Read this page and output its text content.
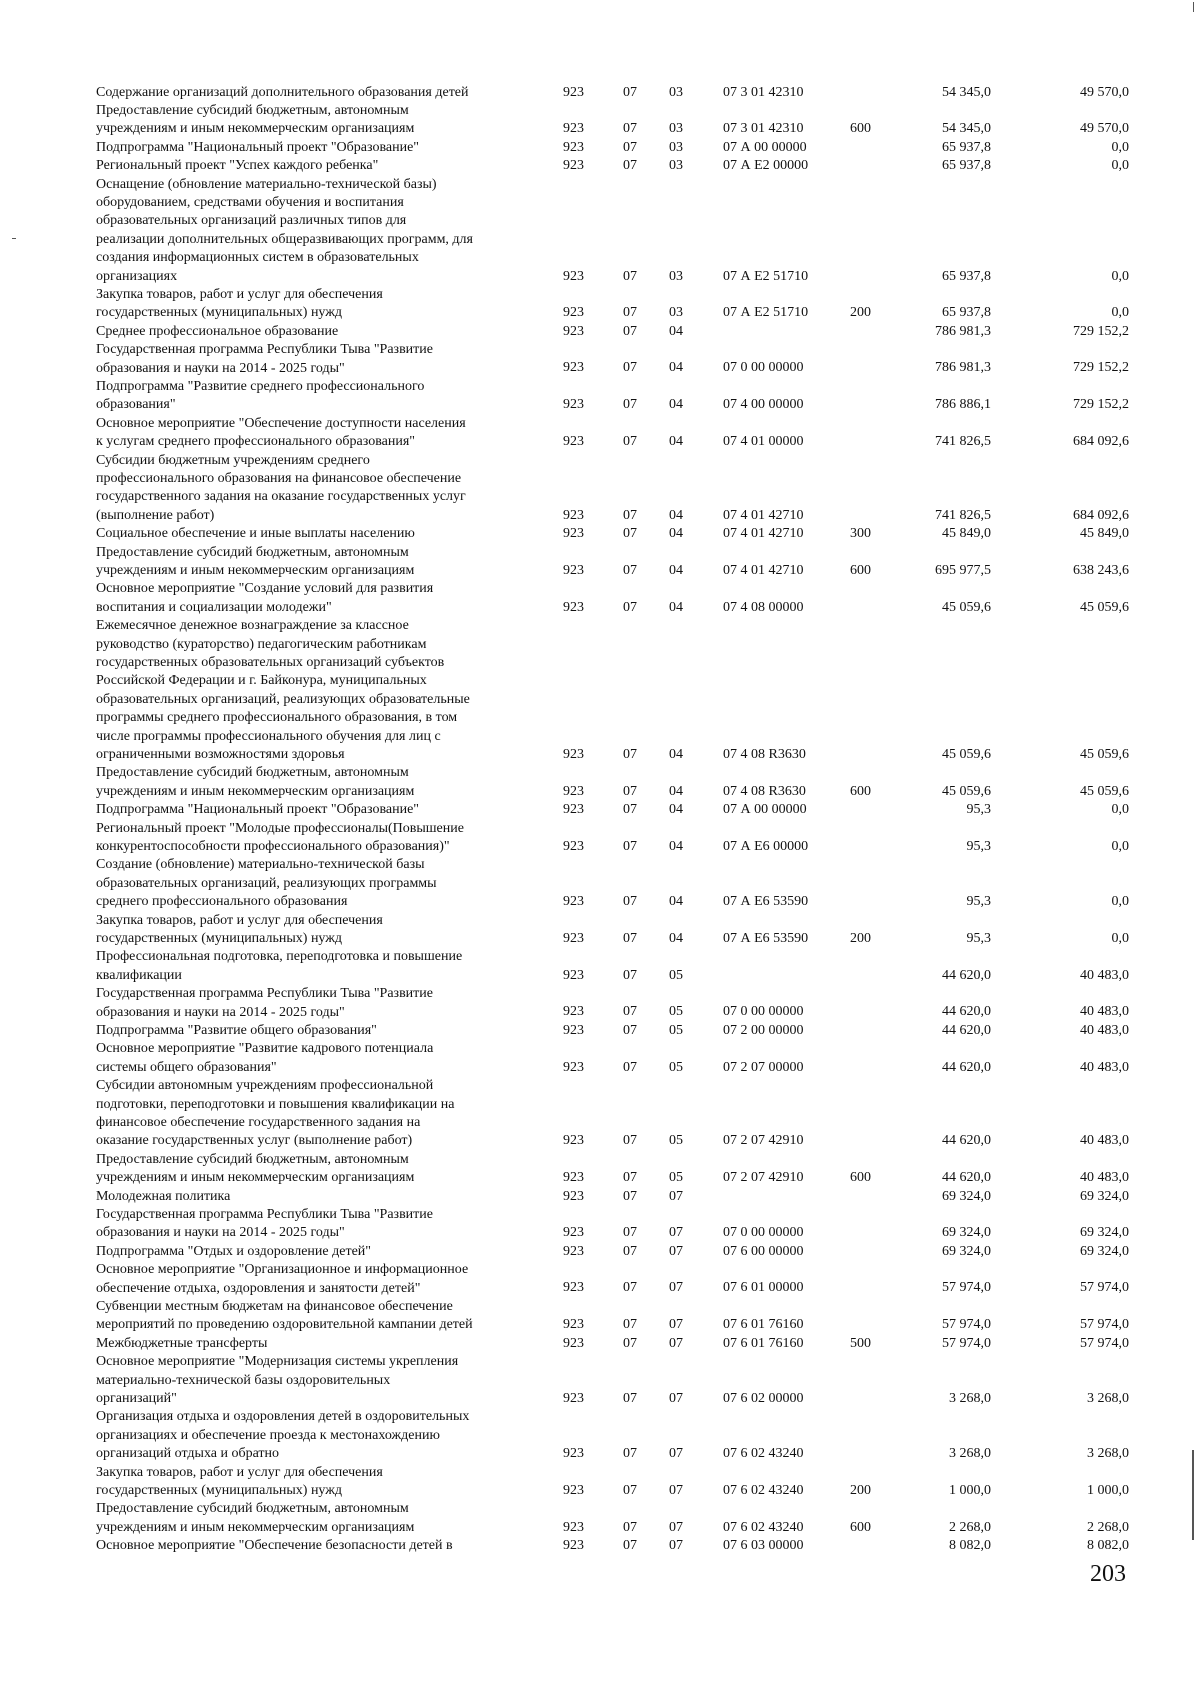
Содержание организаций дополнительного образования детей	923	07 03	07 3 01 42310	54 345,0	49 570,0
Предоставление субсидий бюджетным, автономным
учреждениям и иным некоммерческим организациям	923	07 03	07 3 01 42310	600	54 345,0	49 570,0
Подпрограмма "Национальный проект "Образование"	923	07 03	07 А 00 00000	65 937,8	0,0
Региональный проект "Успех каждого ребенка"	923	07 03	07 А Е2 00000	65 937,8	0,0
Оснащение (обновление материально-технической базы)
оборудованием, средствами обучения и воспитания
образовательных организаций различных типов для
реализации дополнительных общеразвивающих программ, для
создания информационных систем в образовательных
организациях	923	07 03	07 А Е2 51710	65 937,8	0,0
Закупка товаров, работ и услуг для обеспечения
государственных (муниципальных) нужд	923	07 03	07 А Е2 51710	200	65 937,8	0,0
Среднее профессиональное образование	923	07 04	786 981,3	729 152,2
Государственная программа Республики Тыва "Развитие
образования и науки на 2014 - 2025 годы"	923	07 04	07 0 00 00000	786 981,3	729 152,2
Подпрограмма "Развитие среднего профессионального
образования"	923	07 04	07 4 00 00000	786 886,1	729 152,2
Основное мероприятие "Обеспечение доступности населения
к услугам среднего профессионального образования"	923	07 04	07 4 01 00000	741 826,5	684 092,6
Субсидии бюджетным учреждениям среднего
профессионального образования на финансовое обеспечение
государственного задания на оказание государственных услуг
(выполнение работ)	923	07 04	07 4 01 42710	741 826,5	684 092,6
Социальное обеспечение и иные выплаты населению	923	07 04	07 4 01 42710	300	45 849,0	45 849,0
Предоставление субсидий бюджетным, автономным
учреждениям и иным некоммерческим организациям	923	07 04	07 4 01 42710	600	695 977,5	638 243,6
Основное мероприятие "Создание условий для развития
воспитания и социализации молодежи"	923	07 04	07 4 08 00000	45 059,6	45 059,6
Ежемесячное денежное вознаграждение за классное
руководство (кураторство) педагогическим работникам
государственных образовательных организаций субъектов
Российской Федерации и г. Байконура, муниципальных
образовательных организаций, реализующих образовательные
программы среднего профессионального образования, в том
числе программы профессионального обучения для лиц с
ограниченными возможностями здоровья	923	07 04	07 4 08 R3630	45 059,6	45 059,6
Предоставление субсидий бюджетным, автономным
учреждениям и иным некоммерческим организациям	923	07 04	07 4 08 R3630	600	45 059,6	45 059,6
Подпрограмма "Национальный проект "Образование"	923	07 04	07 А 00 00000	95,3	0,0
Региональный проект "Молодые профессионалы(Повышение
конкурентоспособности профессионального образования)"	923	07 04	07 А Е6 00000	95,3	0,0
Создание (обновление) материально-технической базы
образовательных организаций, реализующих программы
среднего профессионального образования	923	07 04	07 А Е6 53590	95,3	0,0
Закупка товаров, работ и услуг для обеспечения
государственных (муниципальных) нужд	923	07 04	07 А Е6 53590	200	95,3	0,0
Профессиональная подготовка, переподготовка и повышение
квалификации	923	07 05	44 620,0	40 483,0
Государственная программа Республики Тыва "Развитие
образования и науки на 2014 - 2025 годы"	923	07 05	07 0 00 00000	44 620,0	40 483,0
Подпрограмма "Развитие общего образования"	923	07 05	07 2 00 00000	44 620,0	40 483,0
Основное мероприятие "Развитие кадрового потенциала
системы общего образования"	923	07 05	07 2 07 00000	44 620,0	40 483,0
Субсидии автономным учреждениям профессиональной
подготовки, переподготовки и повышения квалификации на
финансовое обеспечение государственного задания на
оказание государственных услуг (выполнение работ)	923	07 05	07 2 07 42910	44 620,0	40 483,0
Предоставление субсидий бюджетным, автономным
учреждениям и иным некоммерческим организациям	923	07 05	07 2 07 42910	600	44 620,0	40 483,0
Молодежная политика	923	07 07	69 324,0	69 324,0
Государственная программа Республики Тыва "Развитие
образования и науки на 2014 - 2025 годы"	923	07 07	07 0 00 00000	69 324,0	69 324,0
Подпрограмма "Отдых и оздоровление детей"	923	07 07	07 6 00 00000	69 324,0	69 324,0
Основное мероприятие "Организационное и информационное
обеспечение отдыха, оздоровления и занятости детей"	923	07 07	07 6 01 00000	57 974,0	57 974,0
Субвенции местным бюджетам на финансовое обеспечение
мероприятий по проведению оздоровительной кампании детей	923	07 07	07 6 01 76160	57 974,0	57 974,0
Межбюджетные трансферты	923	07 07	07 6 01 76160	500	57 974,0	57 974,0
Основное мероприятие "Модернизация системы укрепления
материально-технической базы оздоровительных
организаций"	923	07 07	07 6 02 00000	3 268,0	3 268,0
Организация отдыха и оздоровления детей в оздоровительных
организациях и обеспечение проезда к местонахождению
организаций отдыха и обратно	923	07 07	07 6 02 43240	3 268,0	3 268,0
Закупка товаров, работ и услуг для обеспечения
государственных (муниципальных) нужд	923	07 07	07 6 02 43240	200	1 000,0	1 000,0
Предоставление субсидий бюджетным, автономным
учреждениям и иным некоммерческим организациям	923	07 07	07 6 02 43240	600	2 268,0	2 268,0
Основное мероприятие "Обеспечение безопасности детей в	923	07 07	07 6 03 00000	8 082,0	8 082,0
203
